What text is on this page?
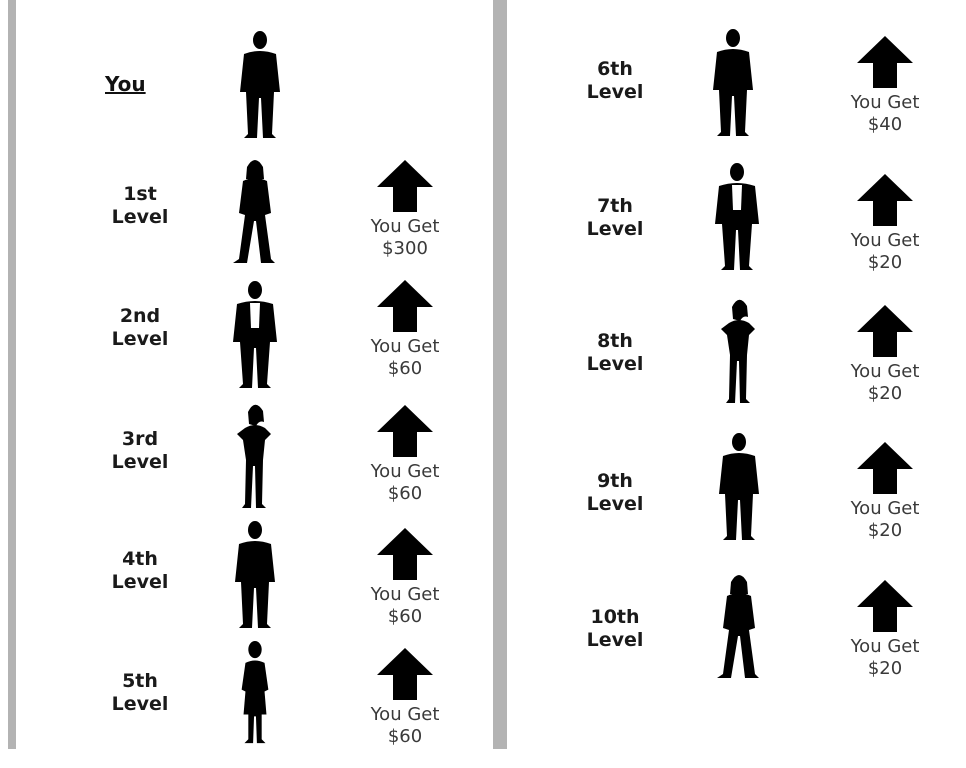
You
1st
Level	You Get
$300
2nd
Level	You Get
$60
3rd
Level	You Get
$60
4th
Level
You Get
$60
5th
Level	You Get
$60
6th
Level	You Get
$40
7th
Level
You Get
$20
8th
Level	You Get
$20
9th
Level	You Get
$20
10th
Level	You Get
$20
